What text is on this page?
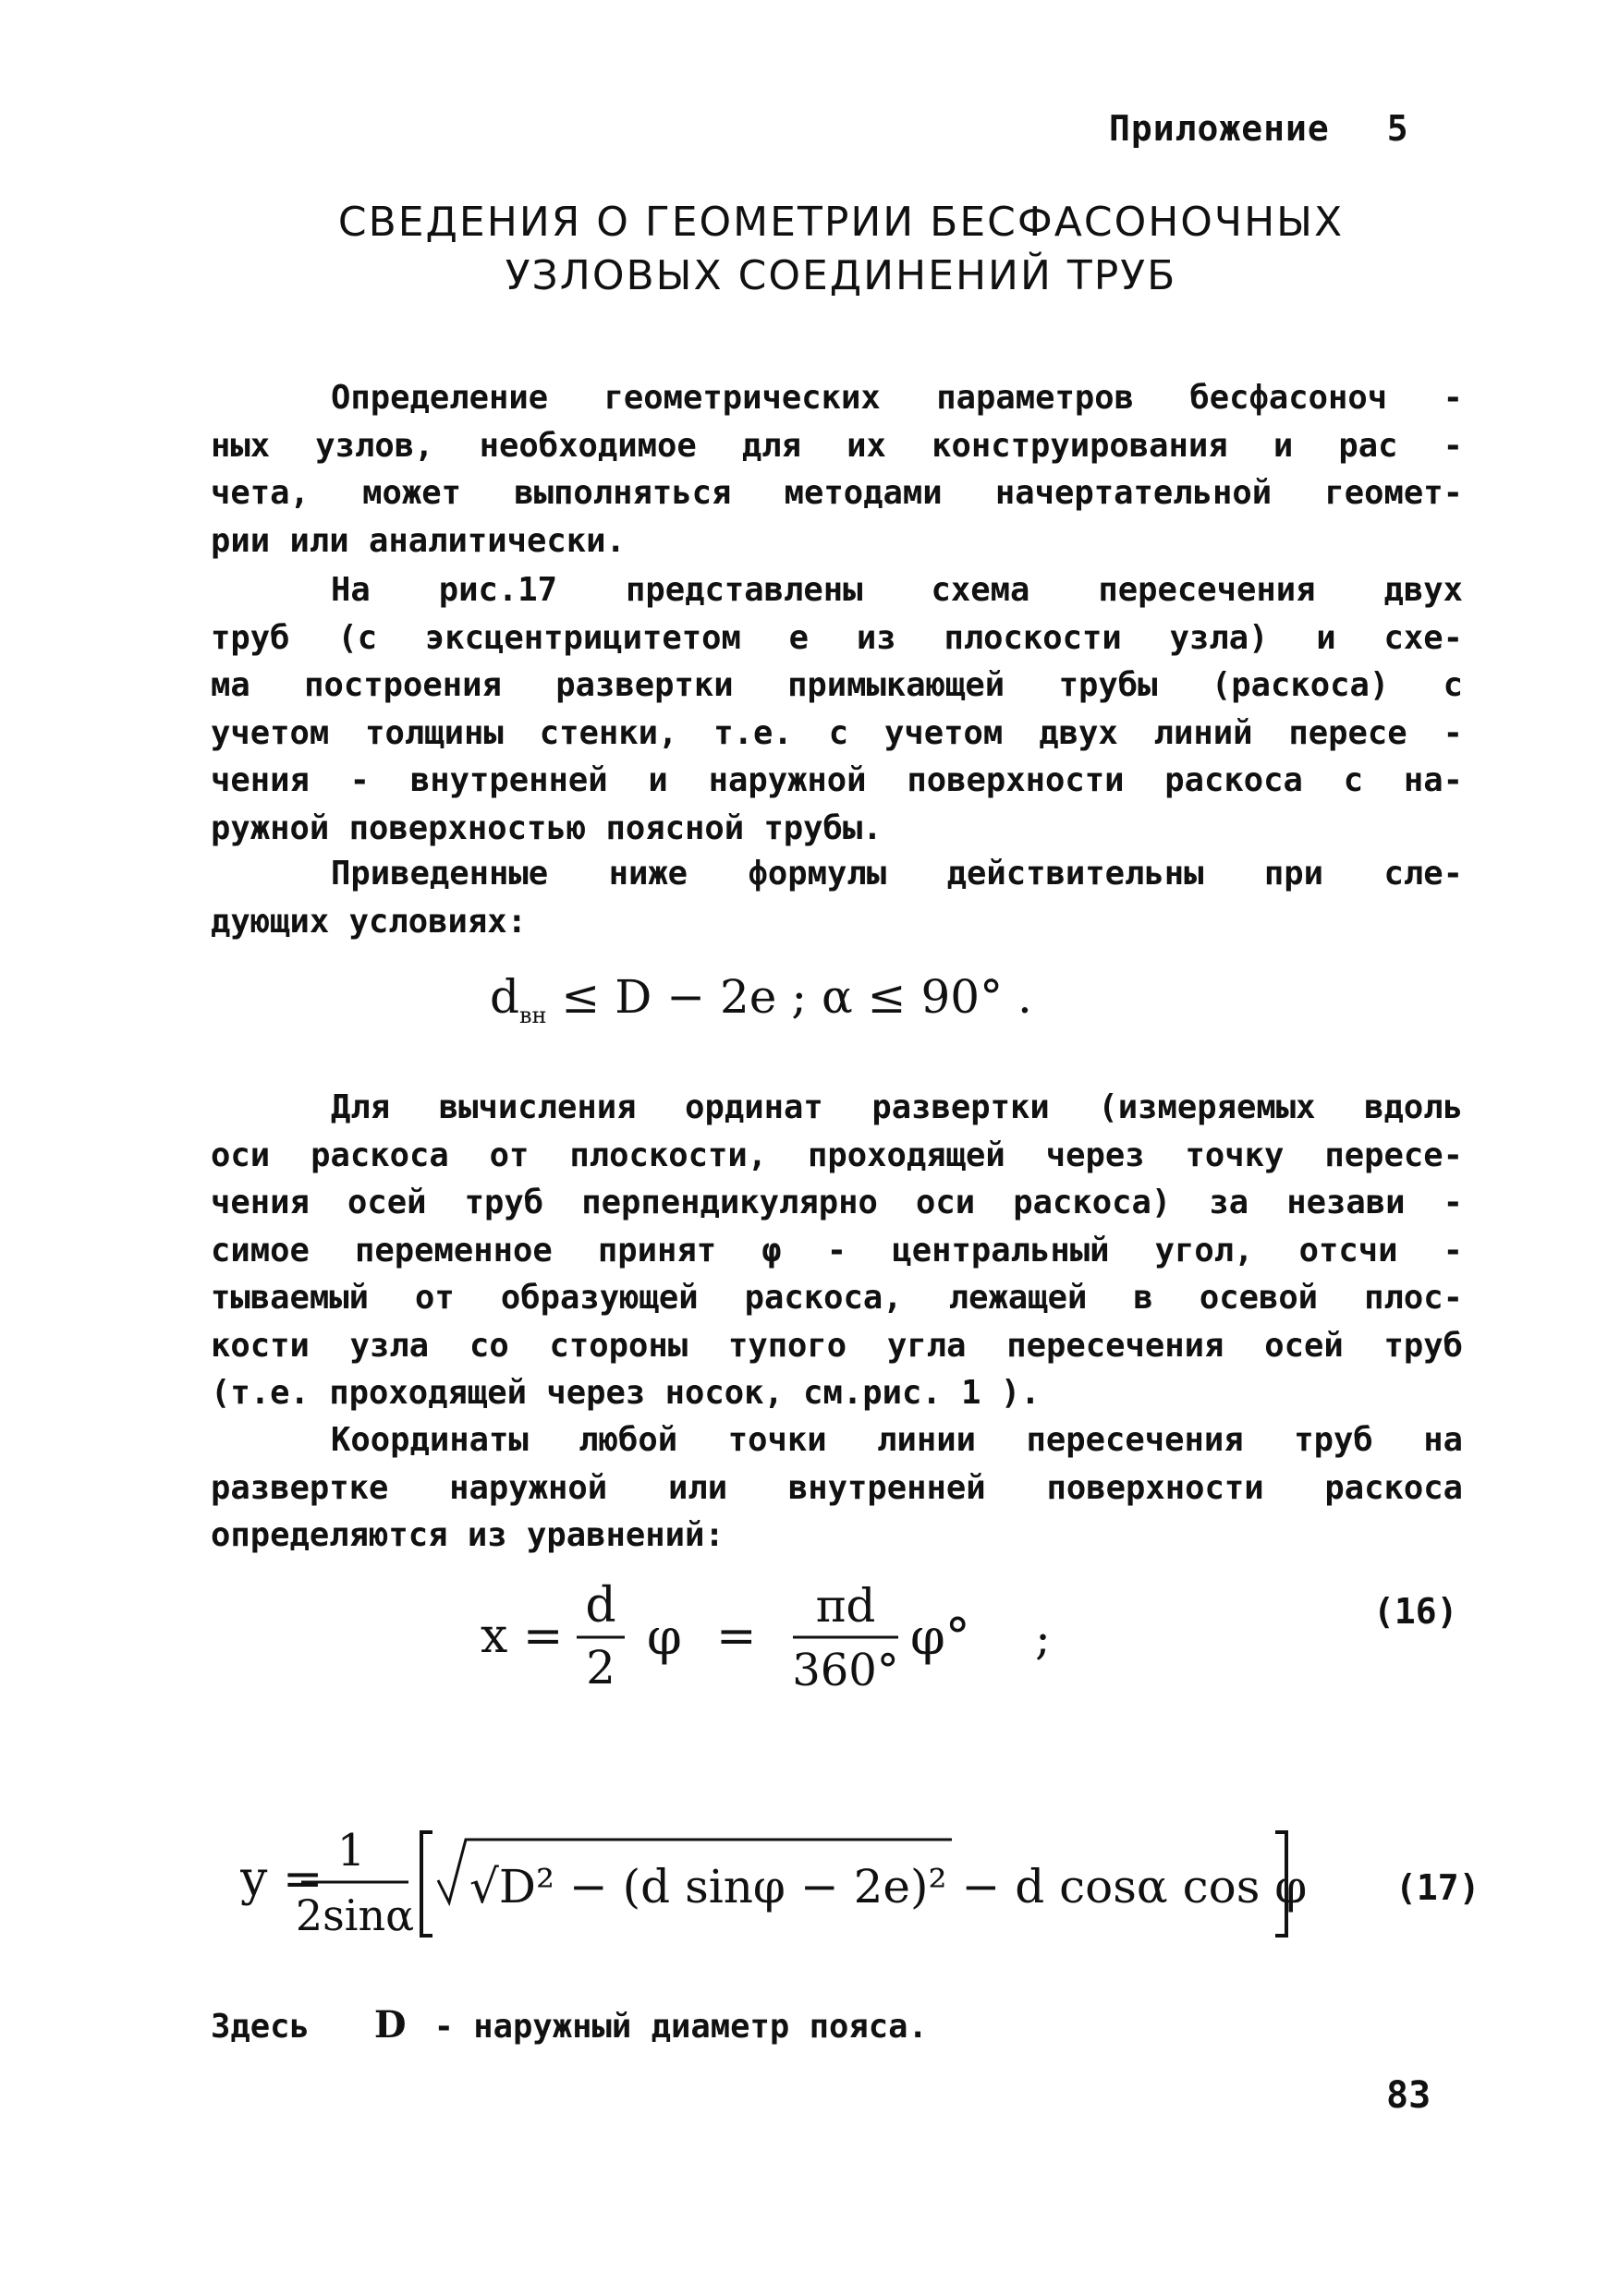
Приложение 5
СВЕДЕНИЯ О ГЕОМЕТРИИ БЕСФАСОНОЧНЫХ
УЗЛОВЫХ СОЕДИНЕНИЙ ТРУБ
Определение геометрических параметров бесфасоноч -
ных узлов, необходимое для их конструирования и рас -
чета, может выполняться методами начертательной геомет-
рии или аналитически.
На рис.17 представлены схема пересечения двух
труб (с эксцентрицитетом е из плоскости узла) и схе-
ма построения развертки примыкающей трубы (раскоса) с
учетом толщины стенки, т.е. с учетом двух линий пересе -
чения - внутренней и наружной поверхности раскоса с на-
ружной поверхностью поясной трубы.
Приведенные ниже формулы действительны при сле-
дующих условиях:
$d_{вн} \le D - 2e$ ; α ≤ 90° .
Для вычисления ординат развертки (измеряемых вдоль
оси раскоса от плоскости, проходящей через точку пересе-
чения осей труб перпендикулярно оси раскоса) за незави -
симое переменное принят φ - центральный угол, отсчи -
тываемый от образующей раскоса, лежащей в осевой плос-
кости узла со стороны тупого угла пересечения осей труб
(т.е. проходящей через носок, см.рис. 1 ).
Координаты любой точки линии пересечения труб на
развертке наружной или внутренней поверхности раскоса
определяются из уравнений:
x =
d
2
φ =
πd
360°
φ° ;	(16)
y =
1
2sinα
√D² − (d sinφ − 2e)² − d cosα cos φ	(17)
Здесь D - наружный диаметр пояса.
83
